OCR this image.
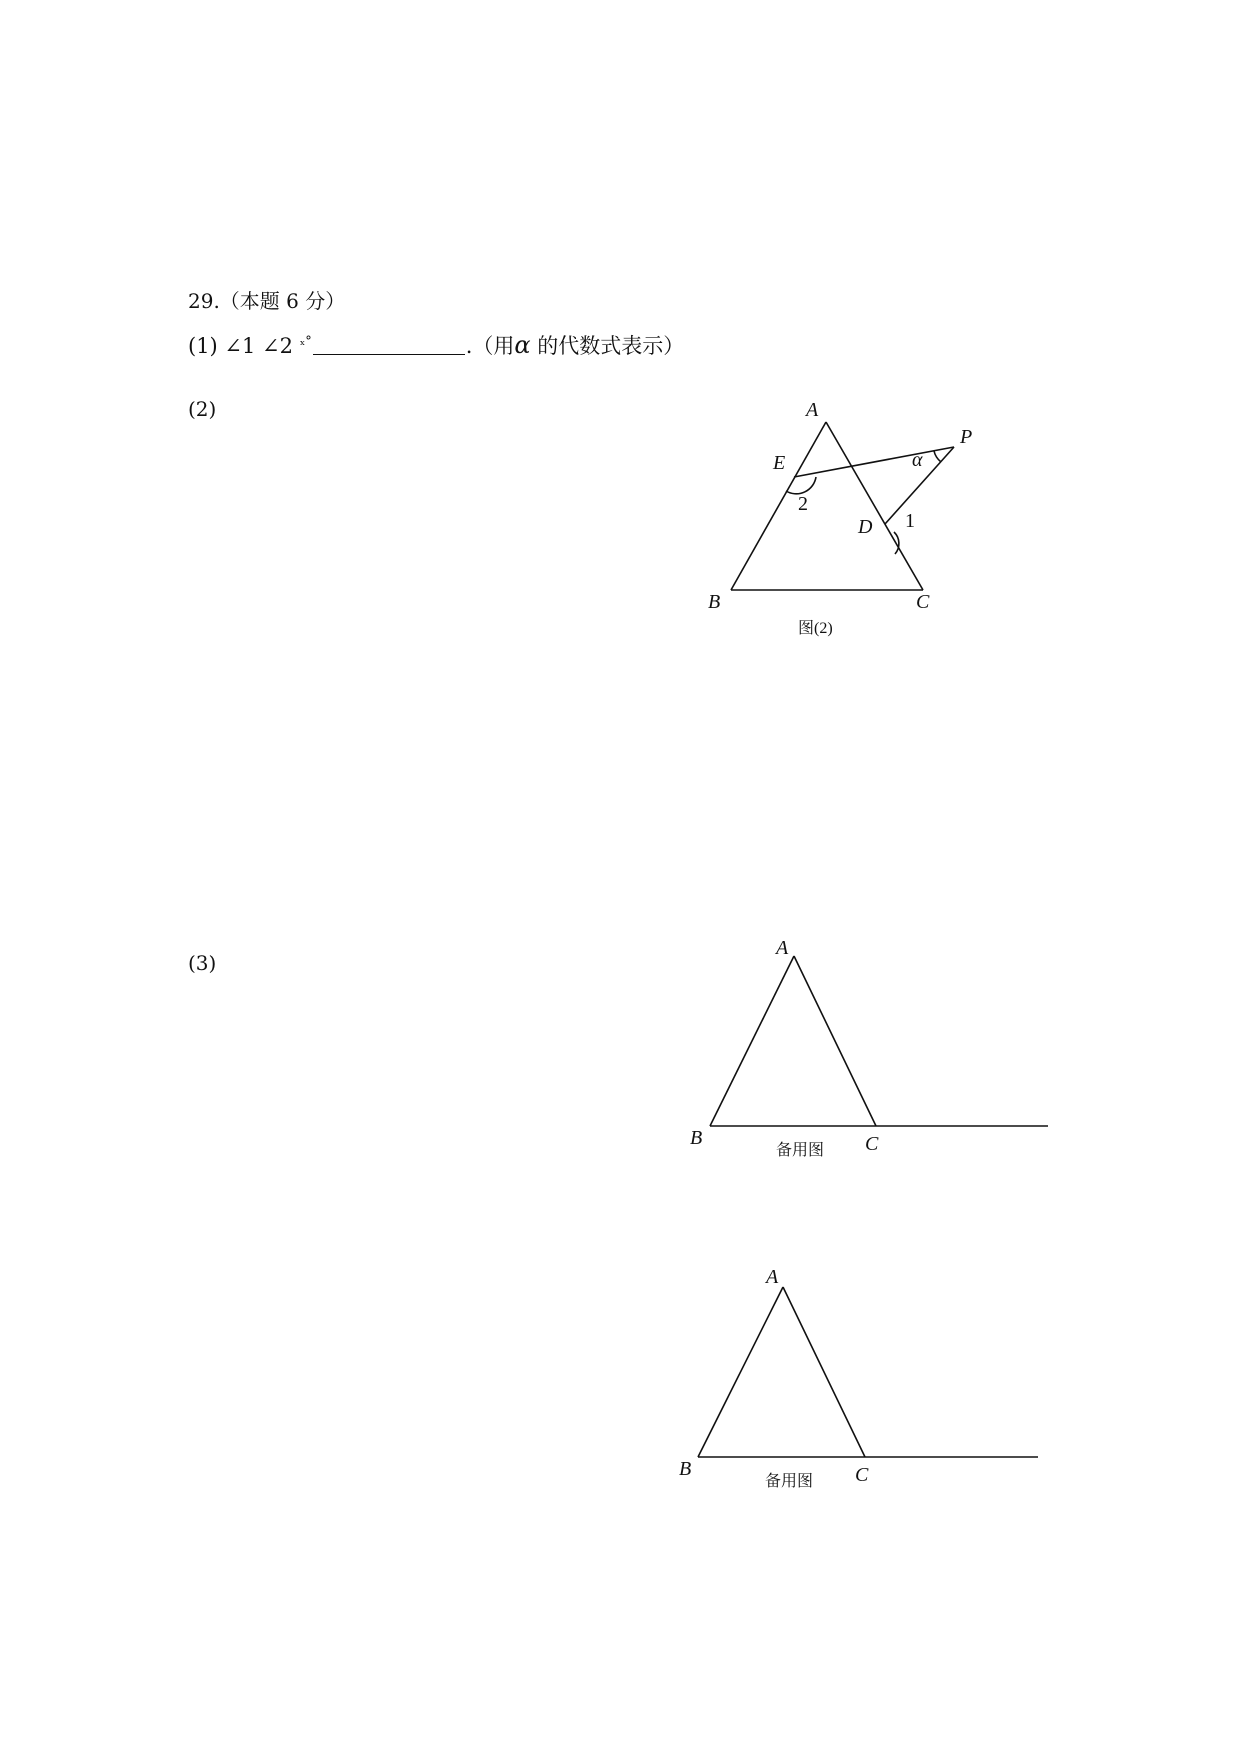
29.（本题 6 分）
(1) ∠1 ∠2 $^{_x^\circ}$	.（用α 的代数式表示）
(2)	A
B	C
D
E
P
2
1
α
图(2)
(3)
A
B	C
备用图
A
B	C
备用图
